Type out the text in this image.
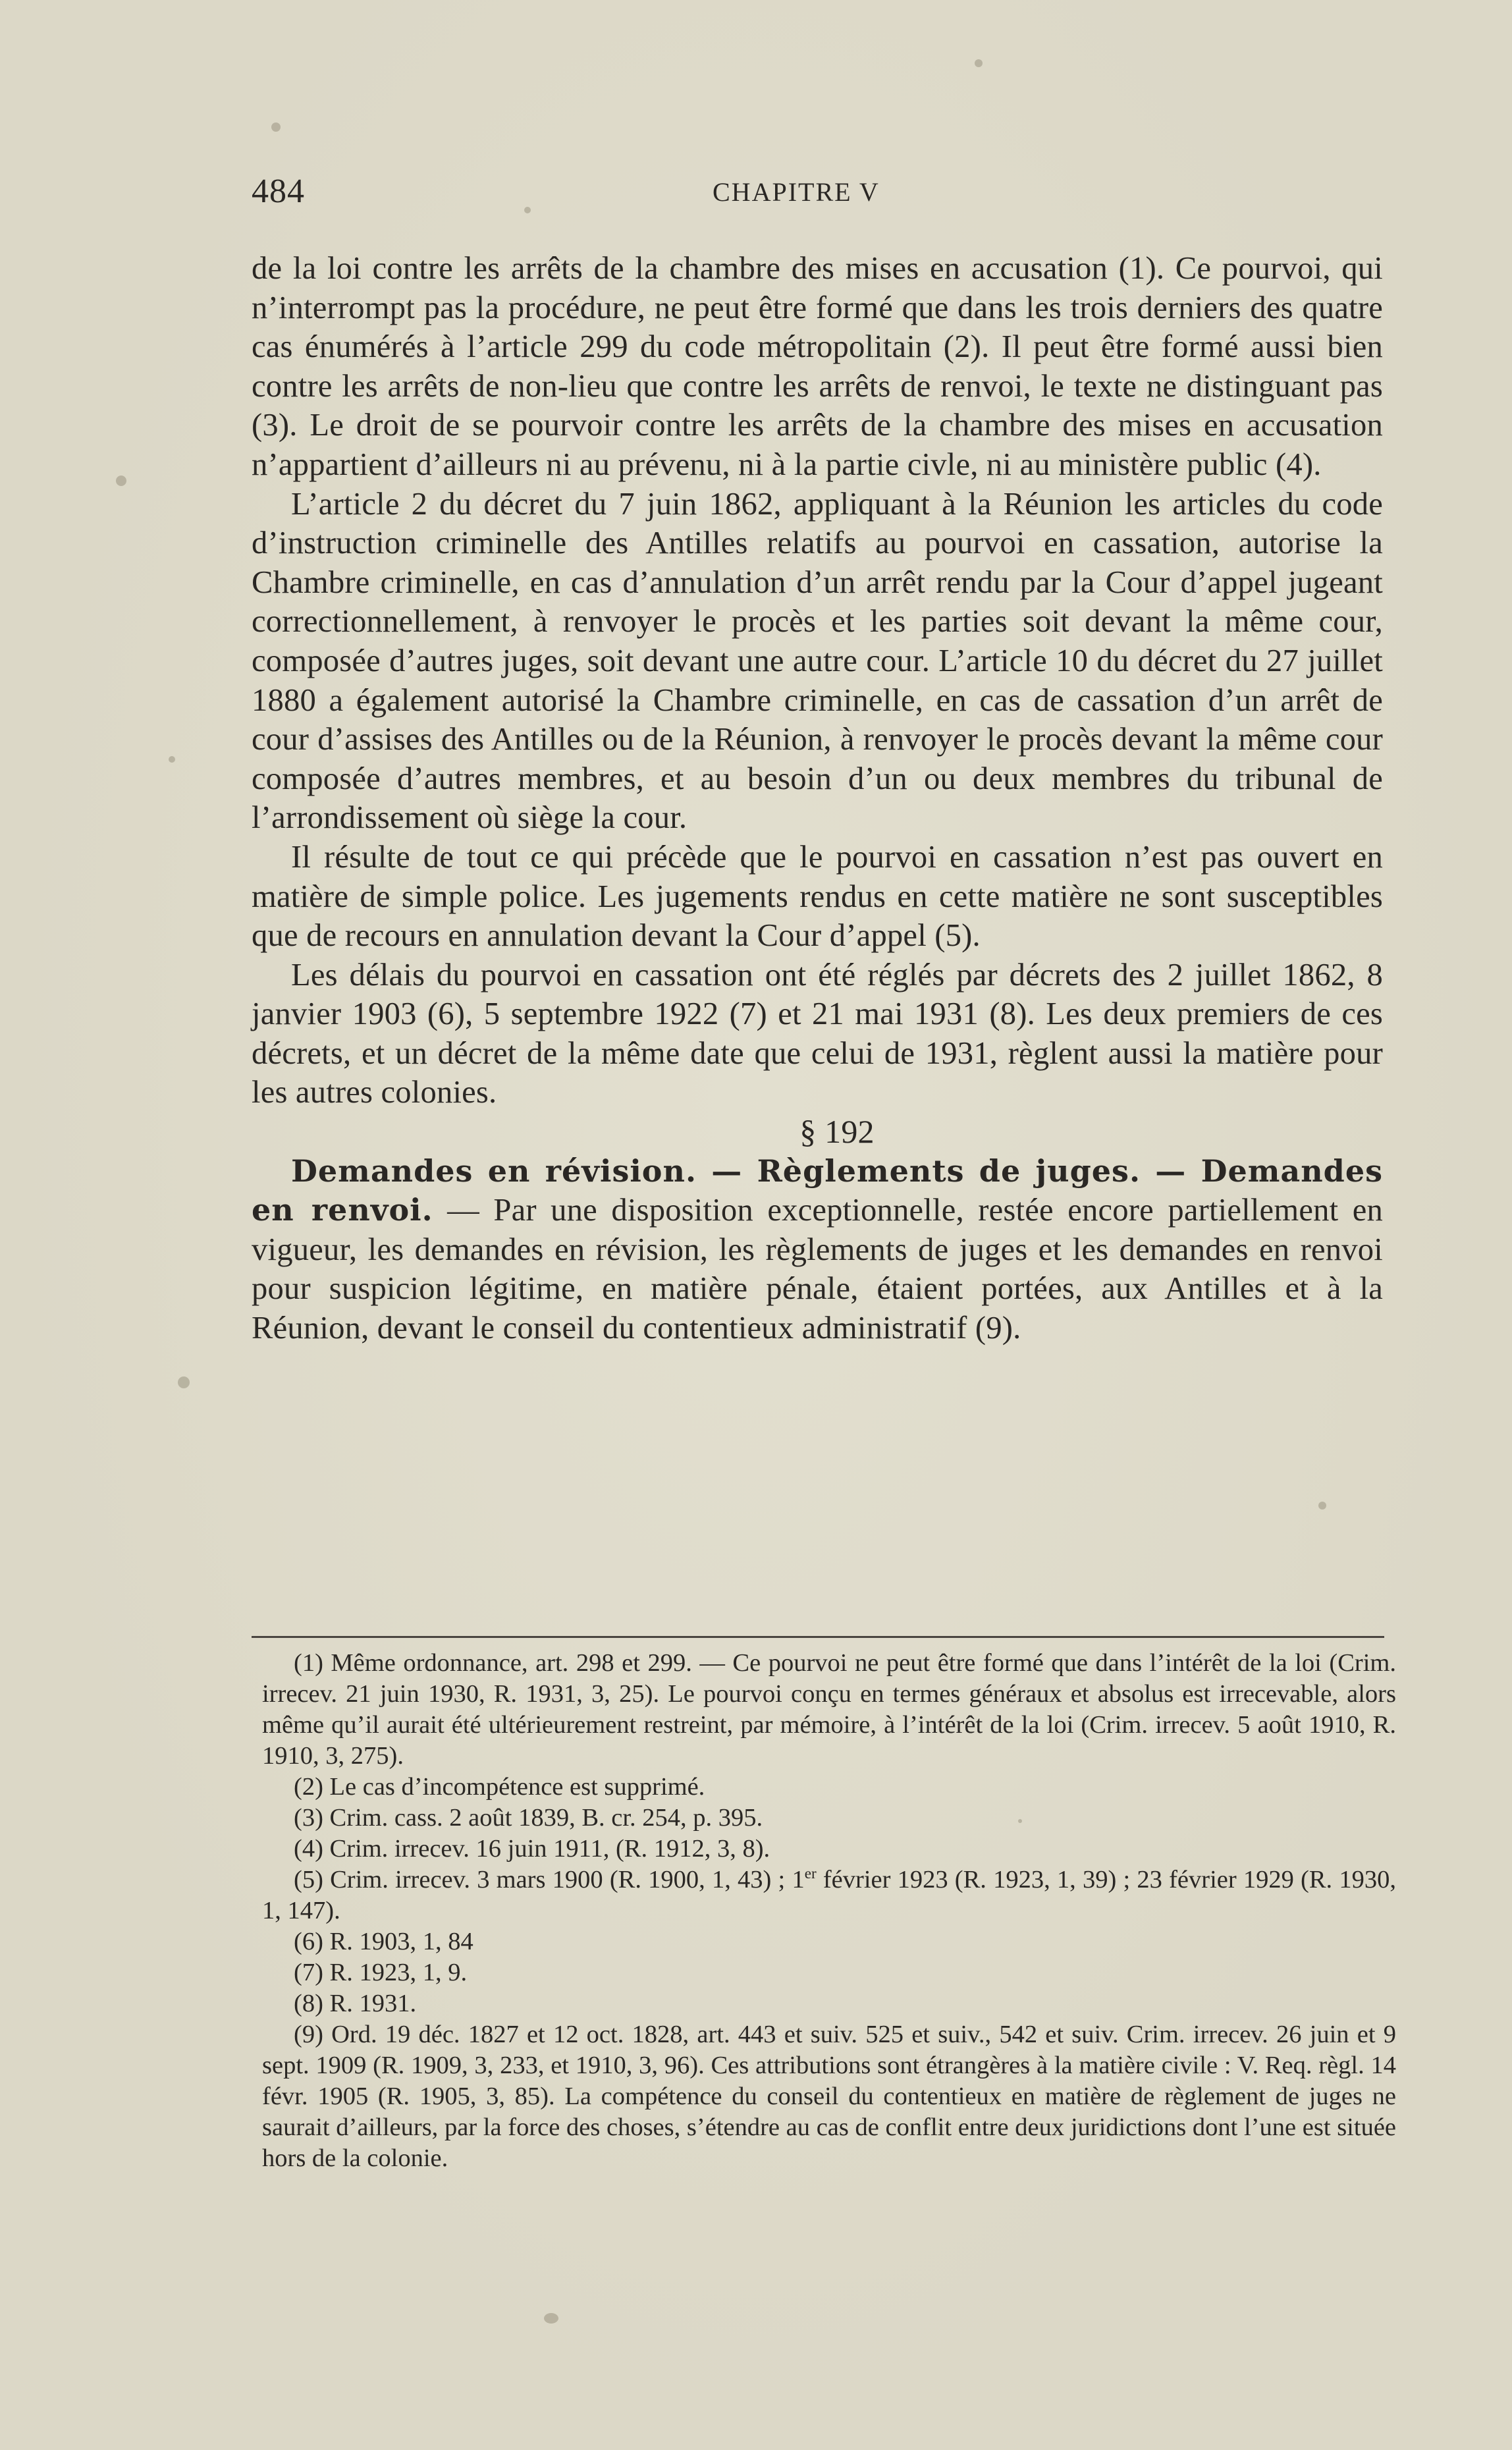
484	CHAPITRE V

de la loi contre les arrêts de la chambre des mises en accusation (1). Ce pourvoi, qui n’interrompt pas la procédure, ne peut être formé que dans les trois derniers des quatre cas énumérés à l’article 299 du code métropolitain (2). Il peut être formé aussi bien contre les arrêts de non-lieu que contre les arrêts de renvoi, le texte ne distinguant pas (3). Le droit de se pourvoir contre les arrêts de la chambre des mises en accusation n’appartient d’ailleurs ni au prévenu, ni à la partie civle, ni au ministère public (4).

L’article 2 du décret du 7 juin 1862, appliquant à la Réunion les articles du code d’instruction criminelle des Antilles relatifs au pourvoi en cassation, autorise la Chambre criminelle, en cas d’annulation d’un arrêt rendu par la Cour d’appel jugeant correctionnellement, à renvoyer le procès et les parties soit devant la même cour, composée d’autres juges, soit devant une autre cour. L’article 10 du décret du 27 juillet 1880 a également autorisé la Chambre criminelle, en cas de cassation d’un arrêt de cour d’assises des Antilles ou de la Réunion, à renvoyer le procès devant la même cour composée d’autres membres, et au besoin d’un ou deux membres du tribunal de l’arrondissement où siège la cour.

Il résulte de tout ce qui précède que le pourvoi en cassation n’est pas ouvert en matière de simple police. Les jugements rendus en cette matière ne sont susceptibles que de recours en annulation devant la Cour d’appel (5).

Les délais du pourvoi en cassation ont été réglés par décrets des 2 juillet 1862, 8 janvier 1903 (6), 5 septembre 1922 (7) et 21 mai 1931 (8). Les deux premiers de ces décrets, et un décret de la même date que celui de 1931, règlent aussi la matière pour les autres colonies.

§ 192

Demandes en révision. — Règlements de juges. — Demandes en renvoi. — Par une disposition exceptionnelle, restée encore partiellement en vigueur, les demandes en révision, les règlements de juges et les demandes en renvoi pour suspicion légitime, en matière pénale, étaient portées, aux Antilles et à la Réunion, devant le conseil du contentieux administratif (9).

(1) Même ordonnance, art. 298 et 299. — Ce pourvoi ne peut être formé que dans l’intérêt de la loi (Crim. irrecev. 21 juin 1930, R. 1931, 3, 25). Le pourvoi conçu en termes généraux et absolus est irrecevable, alors même qu’il aurait été ultérieurement restreint, par mémoire, à l’intérêt de la loi (Crim. irrecev. 5 août 1910, R. 1910, 3, 275).

(2) Le cas d’incompétence est supprimé.

(3) Crim. cass. 2 août 1839, B. cr. 254, p. 395.

(4) Crim. irrecev. 16 juin 1911, (R. 1912, 3, 8).

(5) Crim. irrecev. 3 mars 1900 (R. 1900, 1, 43) ; 1er février 1923 (R. 1923, 1, 39) ; 23 février 1929 (R. 1930, 1, 147).

(6) R. 1903, 1, 84

(7) R. 1923, 1, 9.

(8) R. 1931.

(9) Ord. 19 déc. 1827 et 12 oct. 1828, art. 443 et suiv. 525 et suiv., 542 et suiv. Crim. irrecev. 26 juin et 9 sept. 1909 (R. 1909, 3, 233, et 1910, 3, 96). Ces attributions sont étrangères à la matière civile : V. Req. règl. 14 févr. 1905 (R. 1905, 3, 85). La compétence du conseil du contentieux en matière de règlement de juges ne saurait d’ailleurs, par la force des choses, s’étendre au cas de conflit entre deux juridictions dont l’une est située hors de la colonie.
